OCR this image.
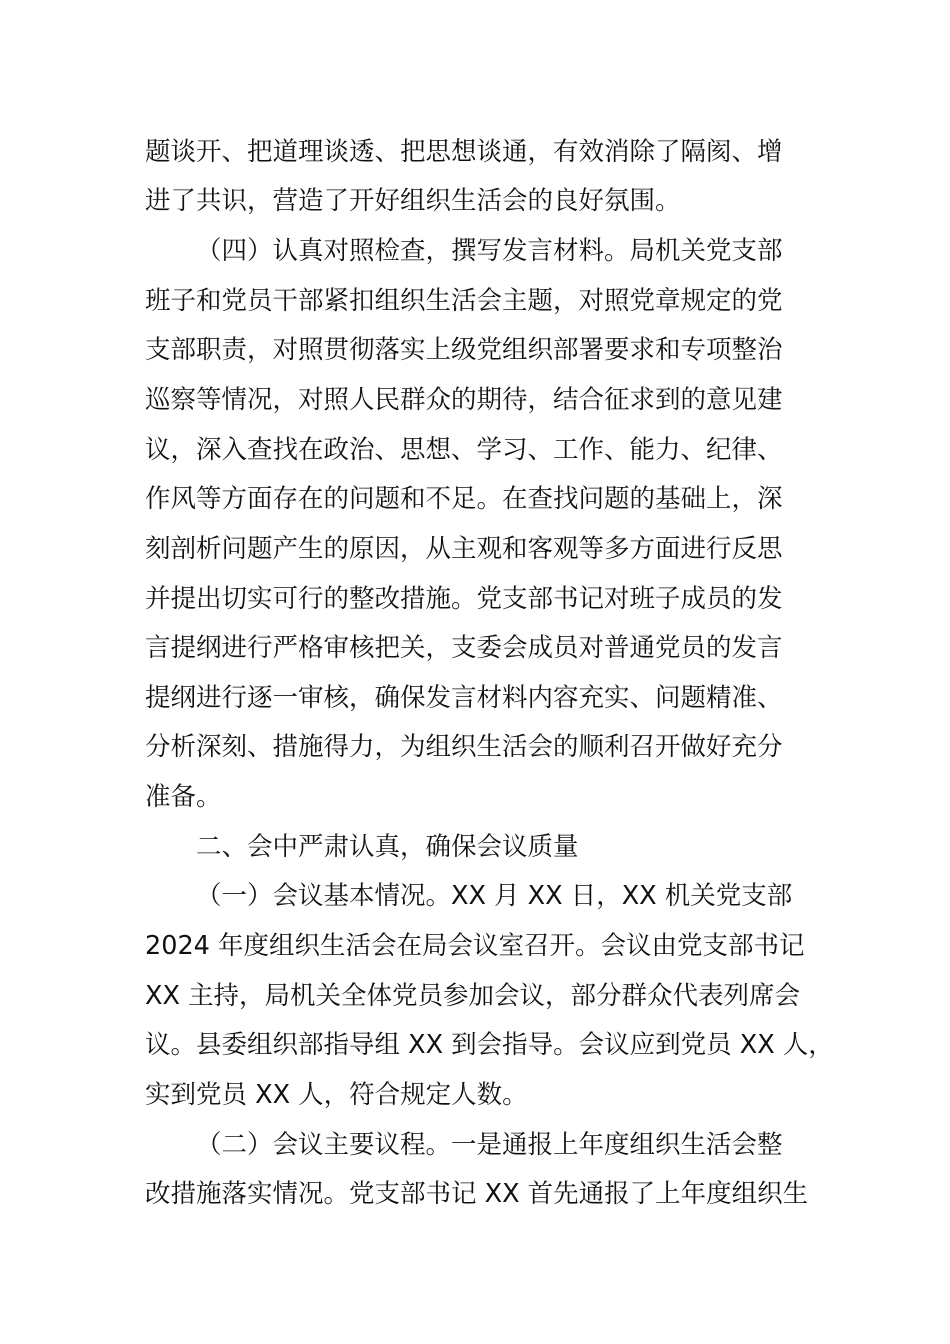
题谈开、把道理谈透、把思想谈通，有效消除了隔阂、增
进了共识，营造了开好组织生活会的良好氛围。
（四）认真对照检查，撰写发言材料。局机关党支部
班子和党员干部紧扣组织生活会主题，对照党章规定的党
支部职责，对照贯彻落实上级党组织部署要求和专项整治
巡察等情况，对照人民群众的期待，结合征求到的意见建
议，深入查找在政治、思想、学习、工作、能力、纪律、
作风等方面存在的问题和不足。在查找问题的基础上，深
刻剖析问题产生的原因，从主观和客观等多方面进行反思
并提出切实可行的整改措施。党支部书记对班子成员的发
言提纲进行严格审核把关，支委会成员对普通党员的发言
提纲进行逐一审核，确保发言材料内容充实、问题精准、
分析深刻、措施得力，为组织生活会的顺利召开做好充分
准备。
二、会中严肃认真，确保会议质量
（一）会议基本情况。XX 月 XX 日，XX 机关党支部
2024 年度组织生活会在局会议室召开。会议由党支部书记
XX 主持，局机关全体党员参加会议，部分群众代表列席会
议。县委组织部指导组 XX 到会指导。会议应到党员 XX 人，
实到党员 XX 人，符合规定人数。
（二）会议主要议程。一是通报上年度组织生活会整
改措施落实情况。党支部书记 XX 首先通报了上年度组织生
